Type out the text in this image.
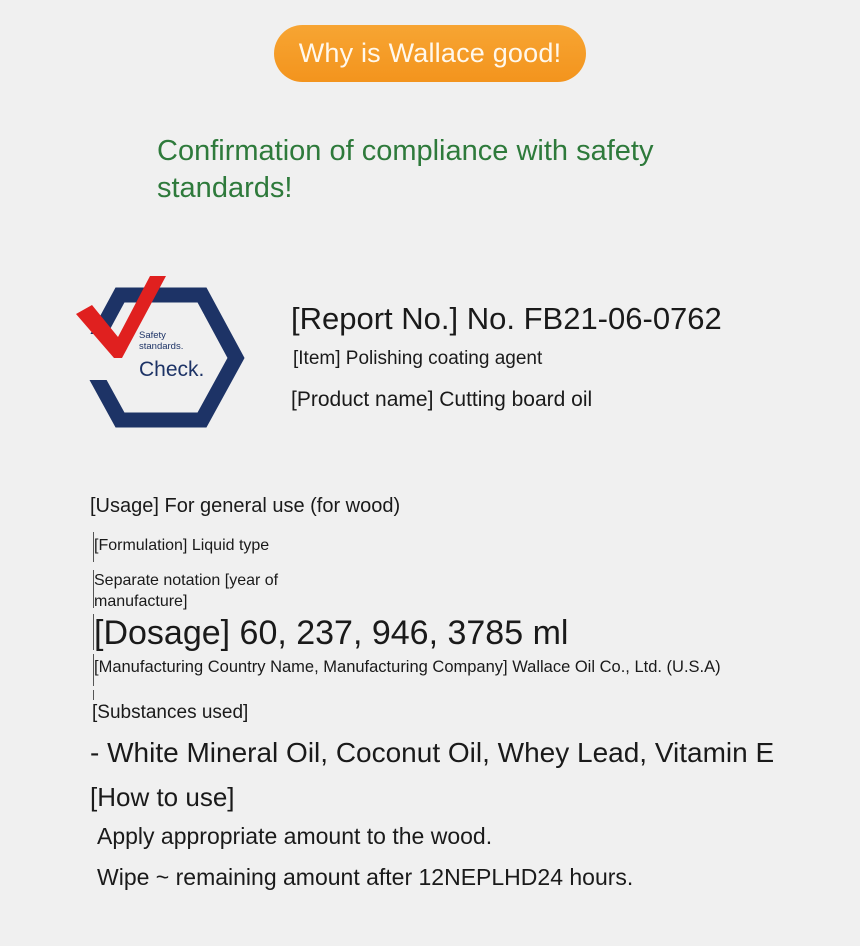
Why is Wallace good!
Confirmation of compliance with safety
standards!
Safety
standards.
Check.
[Report No.] No. FB21-06-0762
[Item] Polishing coating agent
[Product name] Cutting board oil
[Usage] For general use (for wood)
[Formulation] Liquid type
Separate notation [year of manufacture]
[Dosage] 60, 237, 946, 3785 ml
[Manufacturing Country Name, Manufacturing Company] Wallace Oil Co., Ltd. (U.S.A)
[Substances used]
- White Mineral Oil, Coconut Oil, Whey Lead, Vitamin E
[How to use]
Apply appropriate amount to the wood.
Wipe ~ remaining amount after 12NEPLHD24 hours.
